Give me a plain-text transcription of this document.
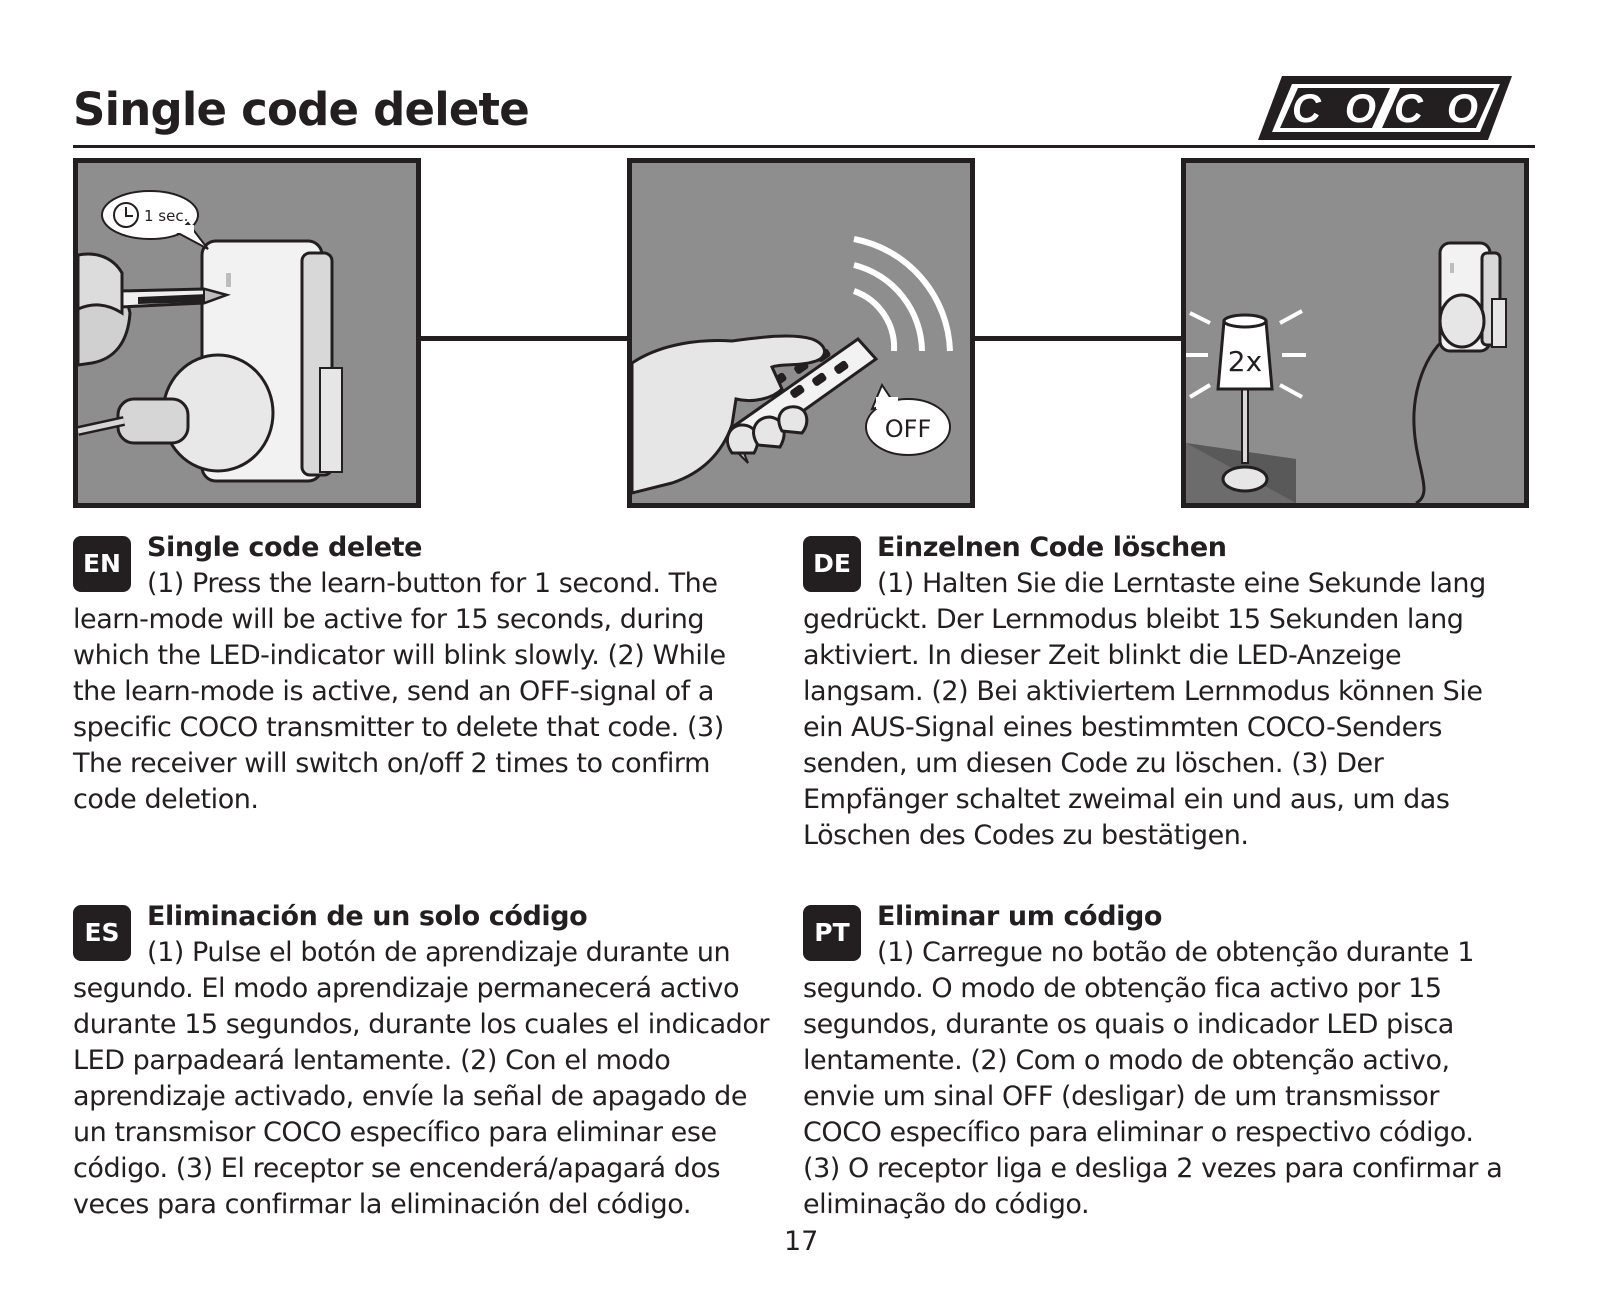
Single code delete	CO CO
1 sec.
OFF
2x
EN
Single code delete

(1) Press the learn-button for 1 second. The learn-mode will be active for 15 seconds, during which the LED-indicator will blink slowly. (2) While the learn-mode is active, send an OFF-signal of a specific COCO transmitter to delete that code. (3) The receiver will switch on/off 2 times to confirm code deletion.

DE
Einzelnen Code löschen

(1) Halten Sie die Lerntaste eine Sekunde lang gedrückt. Der Lernmodus bleibt 15 Sekunden lang aktiviert. In dieser Zeit blinkt die LED-Anzeige langsam. (2) Bei aktiviertem Lernmodus können Sie ein AUS-Signal eines bestimmten COCO-Senders senden, um diesen Code zu löschen. (3) Der Empfänger schaltet zweimal ein und aus, um das Löschen des Codes zu bestätigen.

ES
Eliminación de un solo código

(1) Pulse el botón de aprendizaje durante un segundo. El modo aprendizaje permanecerá activo durante 15 segundos, durante los cuales el indicador LED parpadeará lentamente. (2) Con el modo aprendizaje activado, envíe la señal de apagado de un transmisor COCO específico para eliminar ese código. (3) El receptor se encenderá/apagará dos veces para confirmar la eliminación del código.

PT
Eliminar um código

(1) Carregue no botão de obtenção durante 1 segundo. O modo de obtenção fica activo por 15 segundos, durante os quais o indicador LED pisca lentamente. (2) Com o modo de obtenção activo, envie um sinal OFF (desligar) de um transmissor COCO específico para eliminar o respectivo código. (3) O receptor liga e desliga 2 vezes para confirmar a eliminação do código.

17
